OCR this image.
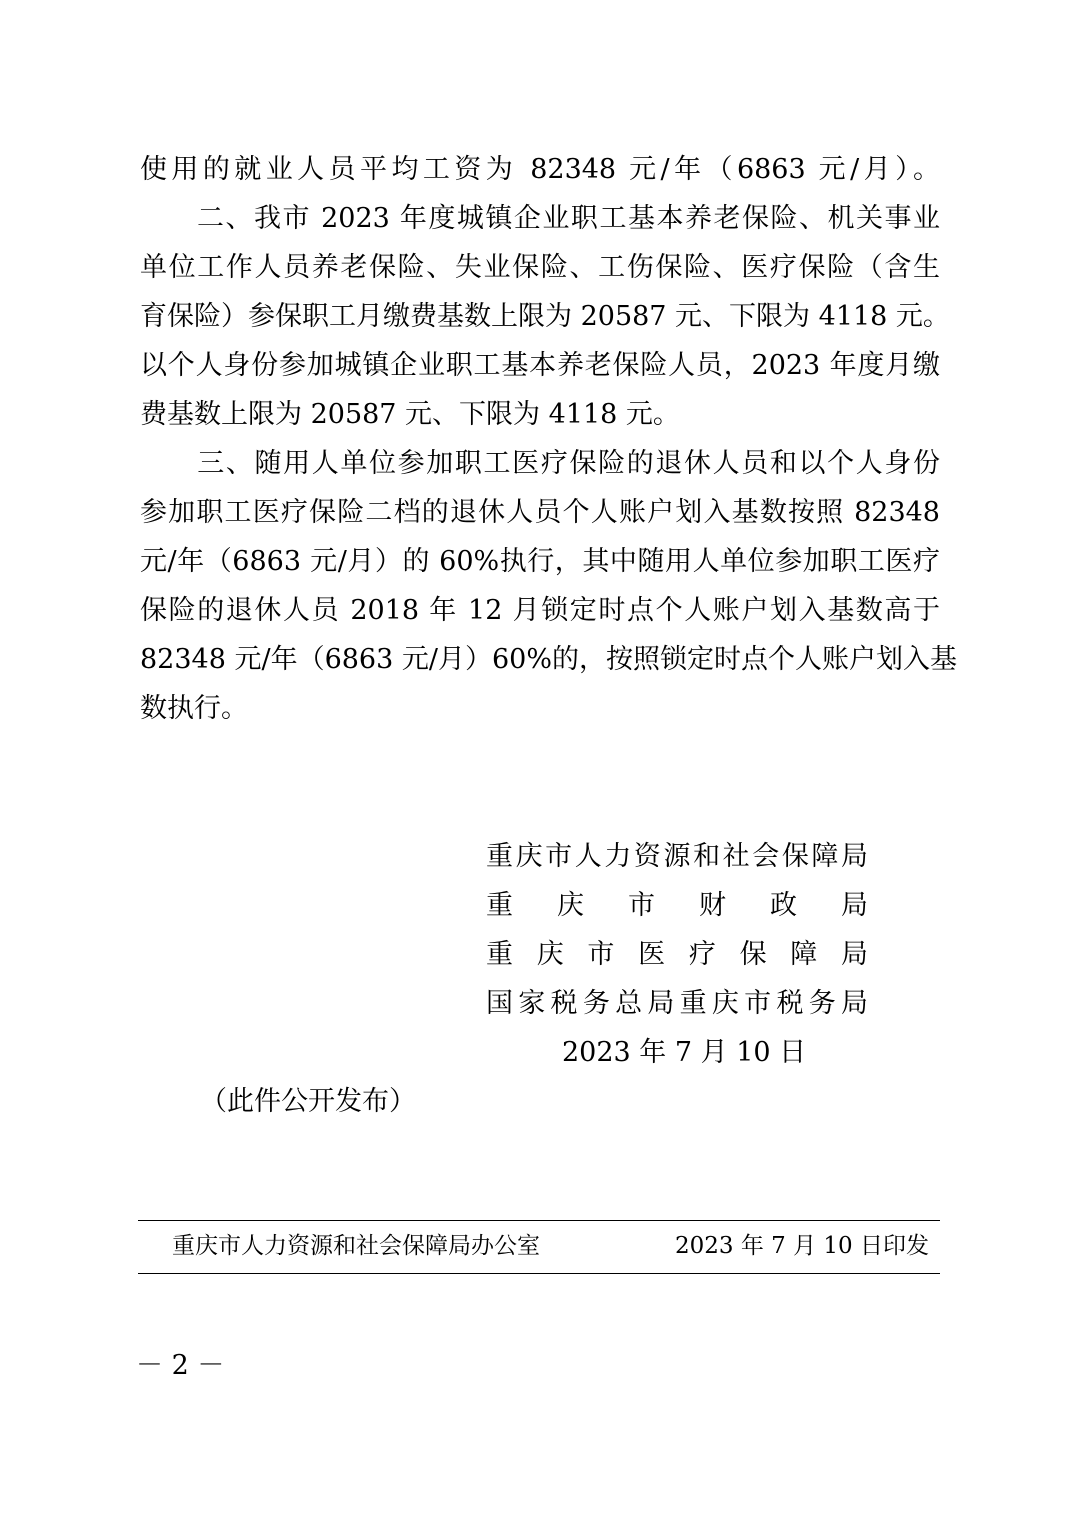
使用的就业人员平均工资为 82348 元/年（6863 元/月）。
　　二、我市 2023 年度城镇企业职工基本养老保险、机关事业
单位工作人员养老保险、失业保险、工伤保险、医疗保险（含生
育保险）参保职工月缴费基数上限为 20587 元、下限为 4118 元。
以个人身份参加城镇企业职工基本养老保险人员，2023 年度月缴
费基数上限为 20587 元、下限为 4118 元。
　　三、随用人单位参加职工医疗保险的退休人员和以个人身份
参加职工医疗保险二档的退休人员个人账户划入基数按照 82348
元/年（6863 元/月）的 60%执行，其中随用人单位参加职工医疗
保险的退休人员 2018 年 12 月锁定时点个人账户划入基数高于
82348 元/年（6863 元/月）60%的，按照锁定时点个人账户划入基
数执行。
重庆市人力资源和社会保障局
重庆市财政局
重庆市医疗保障局
国家税务总局重庆市税务局
2023 年 7 月 10 日
（此件公开发布）
重庆市人力资源和社会保障局办公室	2023 年 7 月 10 日印发
－ 2 －
